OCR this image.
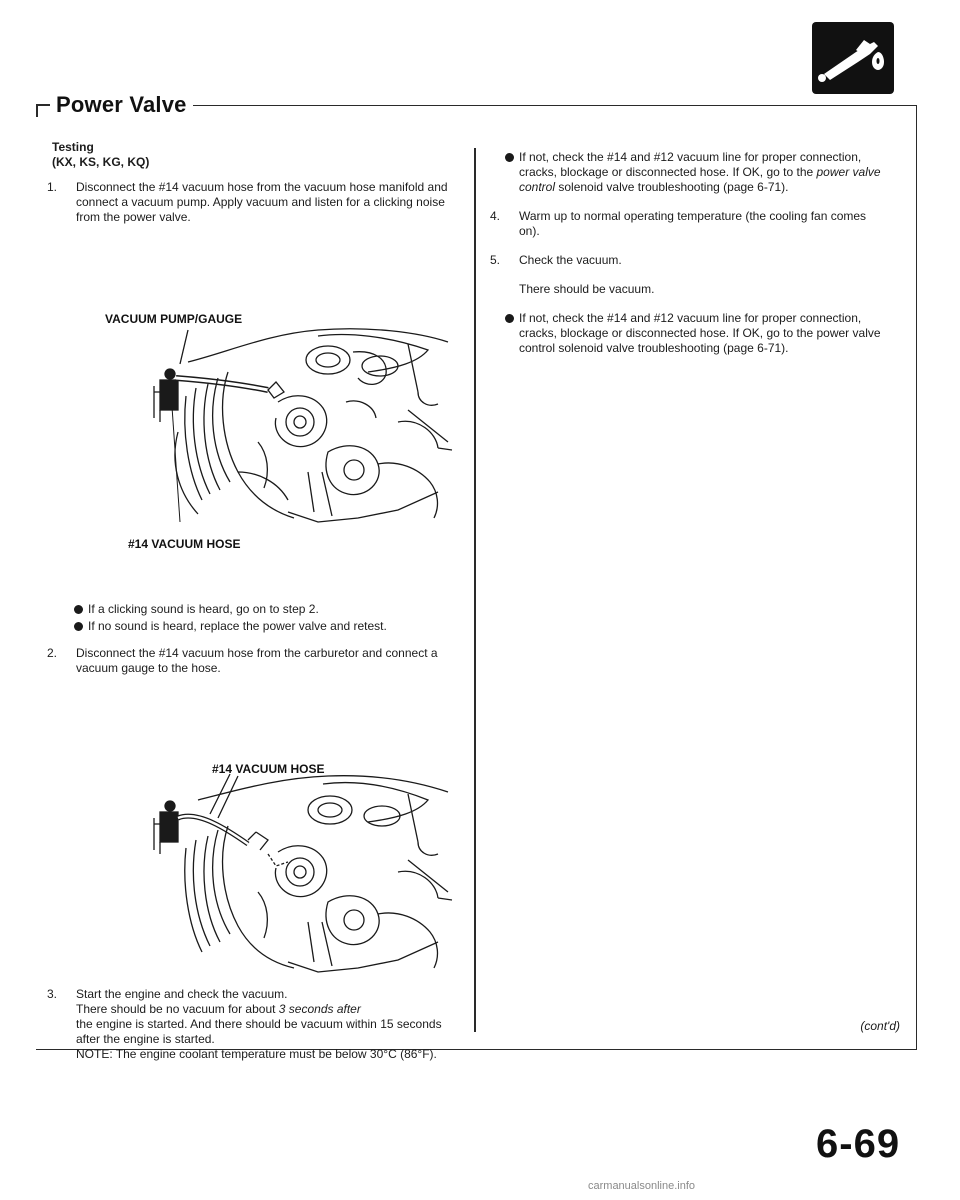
Power Valve
Testing
(KX, KS, KG, KQ)
1.	Disconnect the #14 vacuum hose from the vacuum hose manifold and connect a vacuum pump. Apply vacuum and listen for a clicking noise from the power valve.

VACUUM PUMP/GAUGE
#14 VACUUM HOSE

If a clicking sound is heard, go on to step 2.

If no sound is heard, replace the power valve and retest.

2.	Disconnect the #14 vacuum hose from the carburetor and connect a vacuum gauge to the hose.

#14 VACUUM HOSE
3.	Start the engine and check the vacuum.

There should be no vacuum for about 3 seconds after

the engine is started. And there should be vacuum within 15 seconds after the engine is started.

NOTE: The engine coolant temperature must be below 30°C (86°F).

If not, check the #14 and #12 vacuum line for proper connection, cracks, blockage or disconnected hose. If OK, go to the power valve control solenoid valve troubleshooting (page 6-71).

4.	Warm up to normal operating temperature (the cooling fan comes on).

5.	Check the vacuum.

There should be vacuum.

If not, check the #14 and #12 vacuum line for proper connection, cracks, blockage or disconnected hose. If OK, go to the power valve control solenoid valve troubleshooting (page 6-71).

(cont'd)
6-69
carmanualsonline.info
